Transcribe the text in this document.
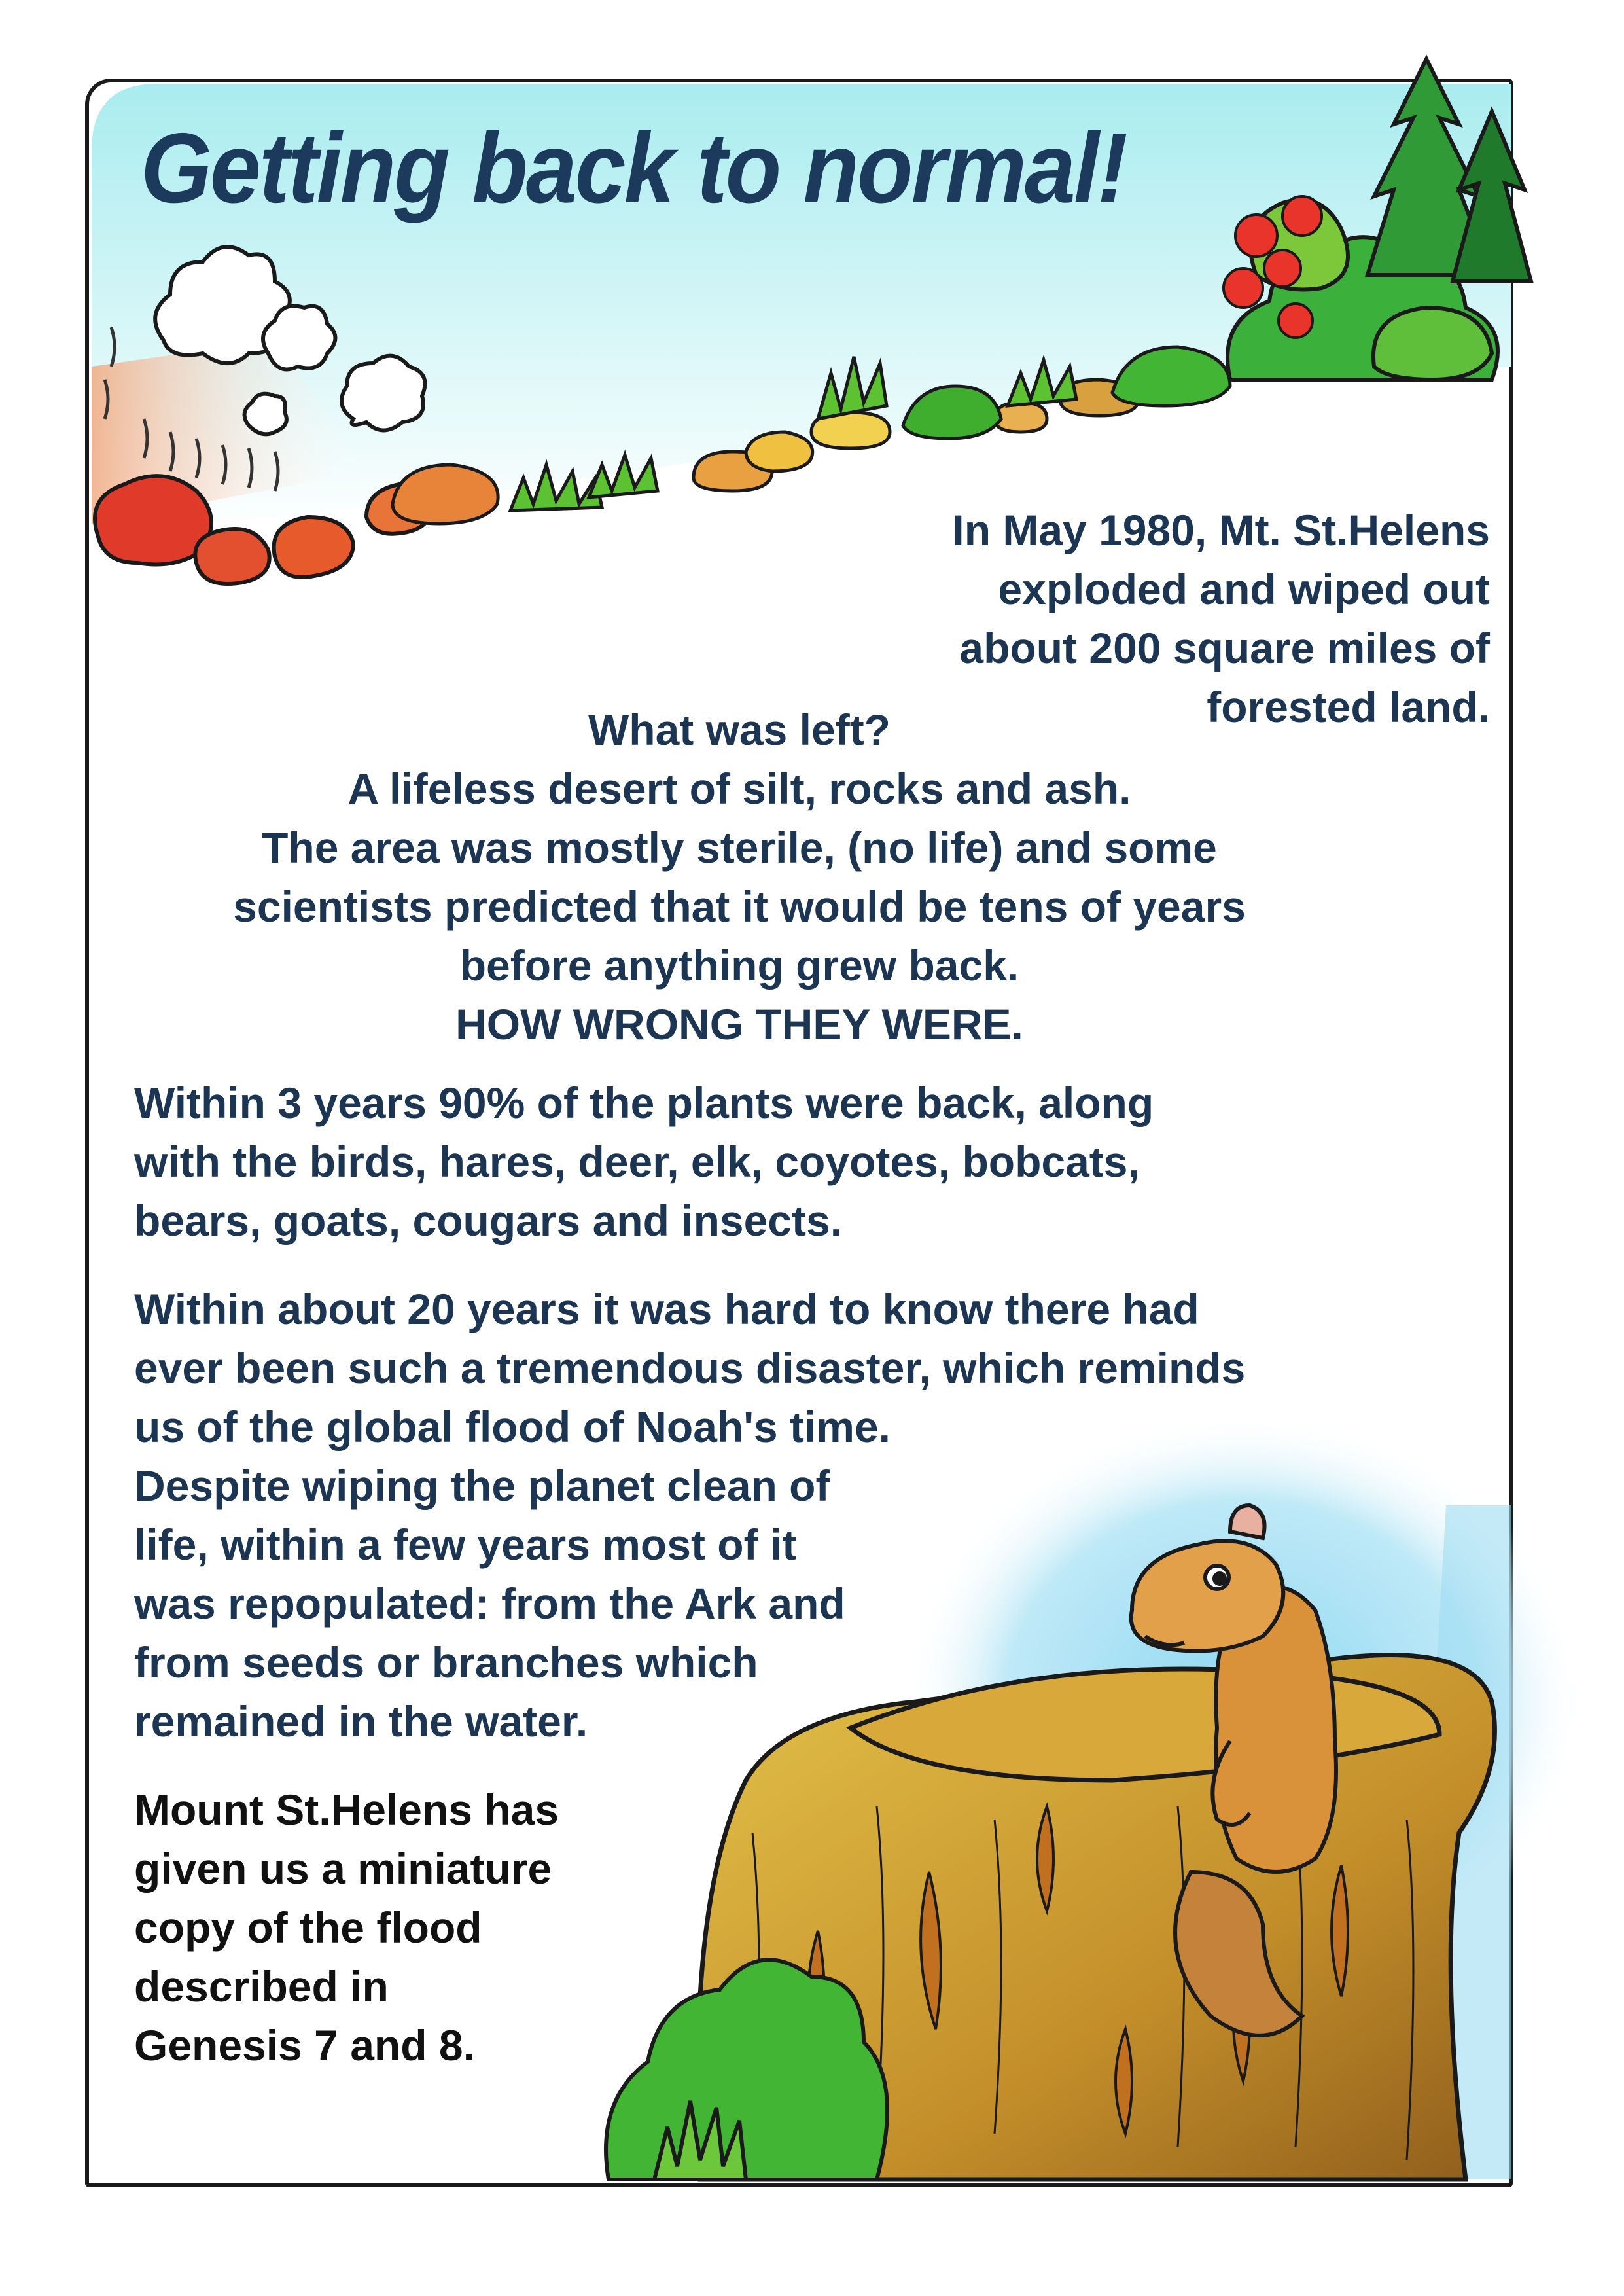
Getting back to normal!
In May 1980, Mt. St.Helens
exploded and wiped out
about 200 square miles of
forested land.
What was left?
A lifeless desert of silt, rocks and ash.
The area was mostly sterile, (no life) and some
scientists predicted that it would be tens of years
before anything grew back.
HOW WRONG THEY WERE.
Within 3 years 90% of the plants were back, along
with the birds, hares, deer, elk, coyotes, bobcats,
bears, goats, cougars and insects.
Within about 20 years it was hard to know there had
ever been such a tremendous disaster, which reminds
us of the global flood of Noah's time.
Despite wiping the planet clean of
life, within a few years most of it
was repopulated: from the Ark and
from seeds or branches which
remained in the water.
Mount St.Helens has
given us a miniature
copy of the flood
described in
Genesis 7 and 8.
